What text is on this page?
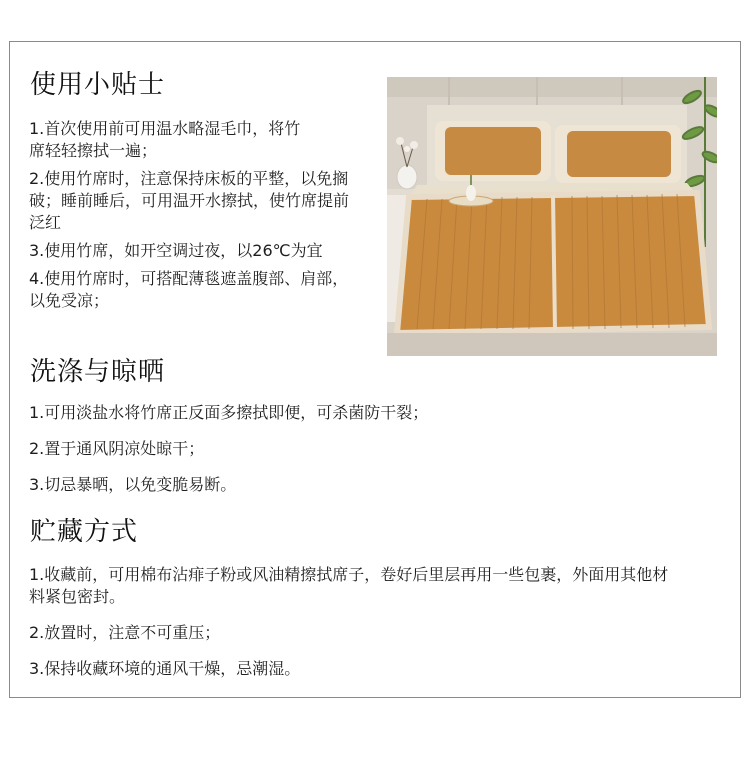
使用小贴士
1.首次使用前可用温水略湿毛巾，将竹席轻轻擦拭一遍；
2.使用竹席时，注意保持床板的平整，以免搁破；睡前睡后，可用温开水擦拭，使竹席提前泛红
3.使用竹席，如开空调过夜，以26℃为宜
4.使用竹席时，可搭配薄毯遮盖腹部、肩部，以免受凉；
洗涤与晾晒
1.可用淡盐水将竹席正反面多擦拭即便，可杀菌防干裂；
2.置于通风阴凉处晾干；
3.切忌暴晒，以免变脆易断。
贮藏方式
1.收藏前，可用棉布沾痱子粉或风油精擦拭席子，卷好后里层再用一些包裹，外面用其他材料紧包密封。
2.放置时，注意不可重压；
3.保持收藏环境的通风干燥，忌潮湿。
